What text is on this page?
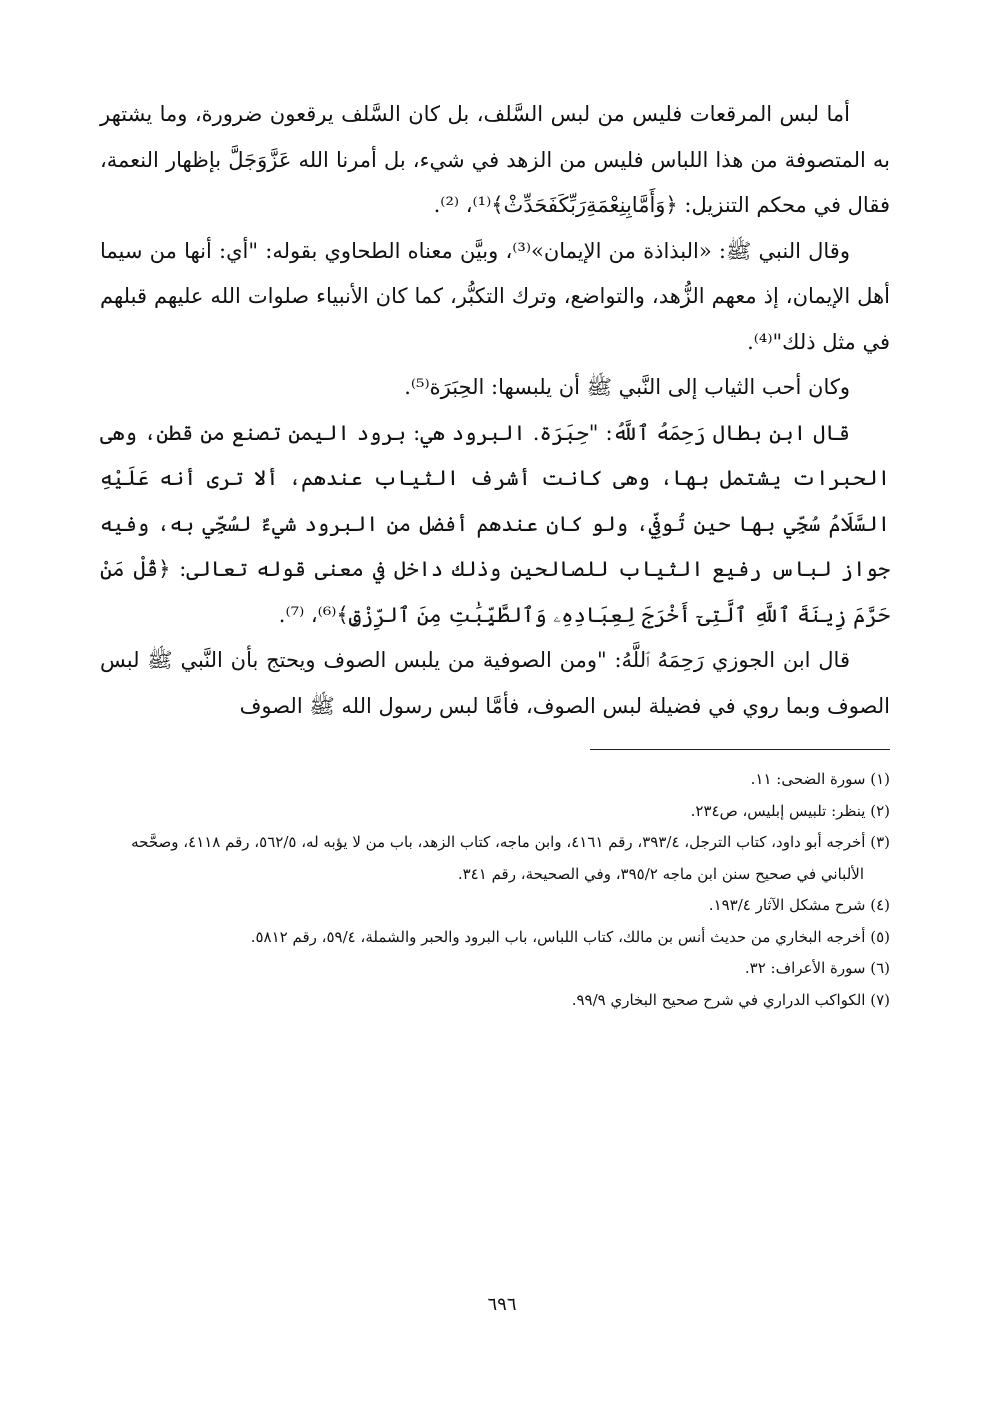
أما لبس المرقعات فليس من لبس السَّلف، بل كان السَّلف يرقعون ضرورة، وما يشتهر به المتصوفة من هذا اللباس فليس من الزهد في شيء، بل أمرنا الله عَزَّوَجَلَّ بإظهار النعمة، فقال في محكم التنزيل: ﴿وَأَمَّابِنِعْمَةِرَبِّكَفَحَدِّثْ﴾⁽¹⁾، ⁽²⁾.

وقال النبي ﷺ: «البذاذة من الإيمان»⁽³⁾، وبيَّن معناه الطحاوي بقوله: "أي: أنها من سيما أهل الإيمان، إذ معهم الزُّهد، والتواضع، وترك التكبُّر، كما كان الأنبياء صلوات الله عليهم قبلهم في مثل ذلك"⁽⁴⁾.

وكان أحب الثياب إلى النَّبي ﷺ أن يلبسها: الحِبَرَة⁽⁵⁾.

قال ابن بطال رَحِمَهُ ٱللَّهُ: "حِبَرَة. البرود هي: برود اليمن تصنع من قطن، وهى الحبرات يشتمل بها، وهى كانت أشرف الثياب عندهم، ألا ترى أنه عَلَيْهِ السَّلَامُ سُجِّي بها حين تُوفِّي، ولو كان عندهم أفضل من البرود شيءٌ لسُجِّي به، وفيه جواز لباس رفيع الثياب للصالحين وذلك داخل في معنى قوله تعالى: ﴿قُلْ مَنْ حَرَّمَ زِينَةَ ٱللَّهِ ٱلَّتِىٓ أَخْرَجَ لِعِبَادِهِۦ وَٱلطَّيِّبَٰتِ مِنَ ٱلرِّزْقِ﴾⁽⁶⁾، ⁽⁷⁾.

قال ابن الجوزي رَحِمَهُ ٱللَّهُ: "ومن الصوفية من يلبس الصوف ويحتج بأن النَّبي ﷺ لبس الصوف وبما روي في فضيلة لبس الصوف، فأمَّا لبس رسول الله ﷺ الصوف

(١) سورة الضحى: ١١.

(٢) ينظر: تلبيس إبليس، ص٢٣٤.

(٣) أخرجه أبو داود، كتاب الترجل، ٣٩٣/٤، رقم ٤١٦١، وابن ماجه، كتاب الزهد، باب من لا يؤبه له، ٥٦٢/٥، رقم ٤١١٨، وصحَّحه الألباني في صحيح سنن ابن ماجه ٣٩٥/٢، وفي الصحيحة، رقم ٣٤١.

(٤) شرح مشكل الآثار ١٩٣/٤.

(٥) أخرجه البخاري من حديث أنس بن مالك، كتاب اللباس، باب البرود والحبر والشملة، ٥٩/٤، رقم ٥٨١٢.

(٦) سورة الأعراف: ٣٢.

(٧) الكواكب الدراري في شرح صحيح البخاري ٩٩/٩.

٦٩٦
